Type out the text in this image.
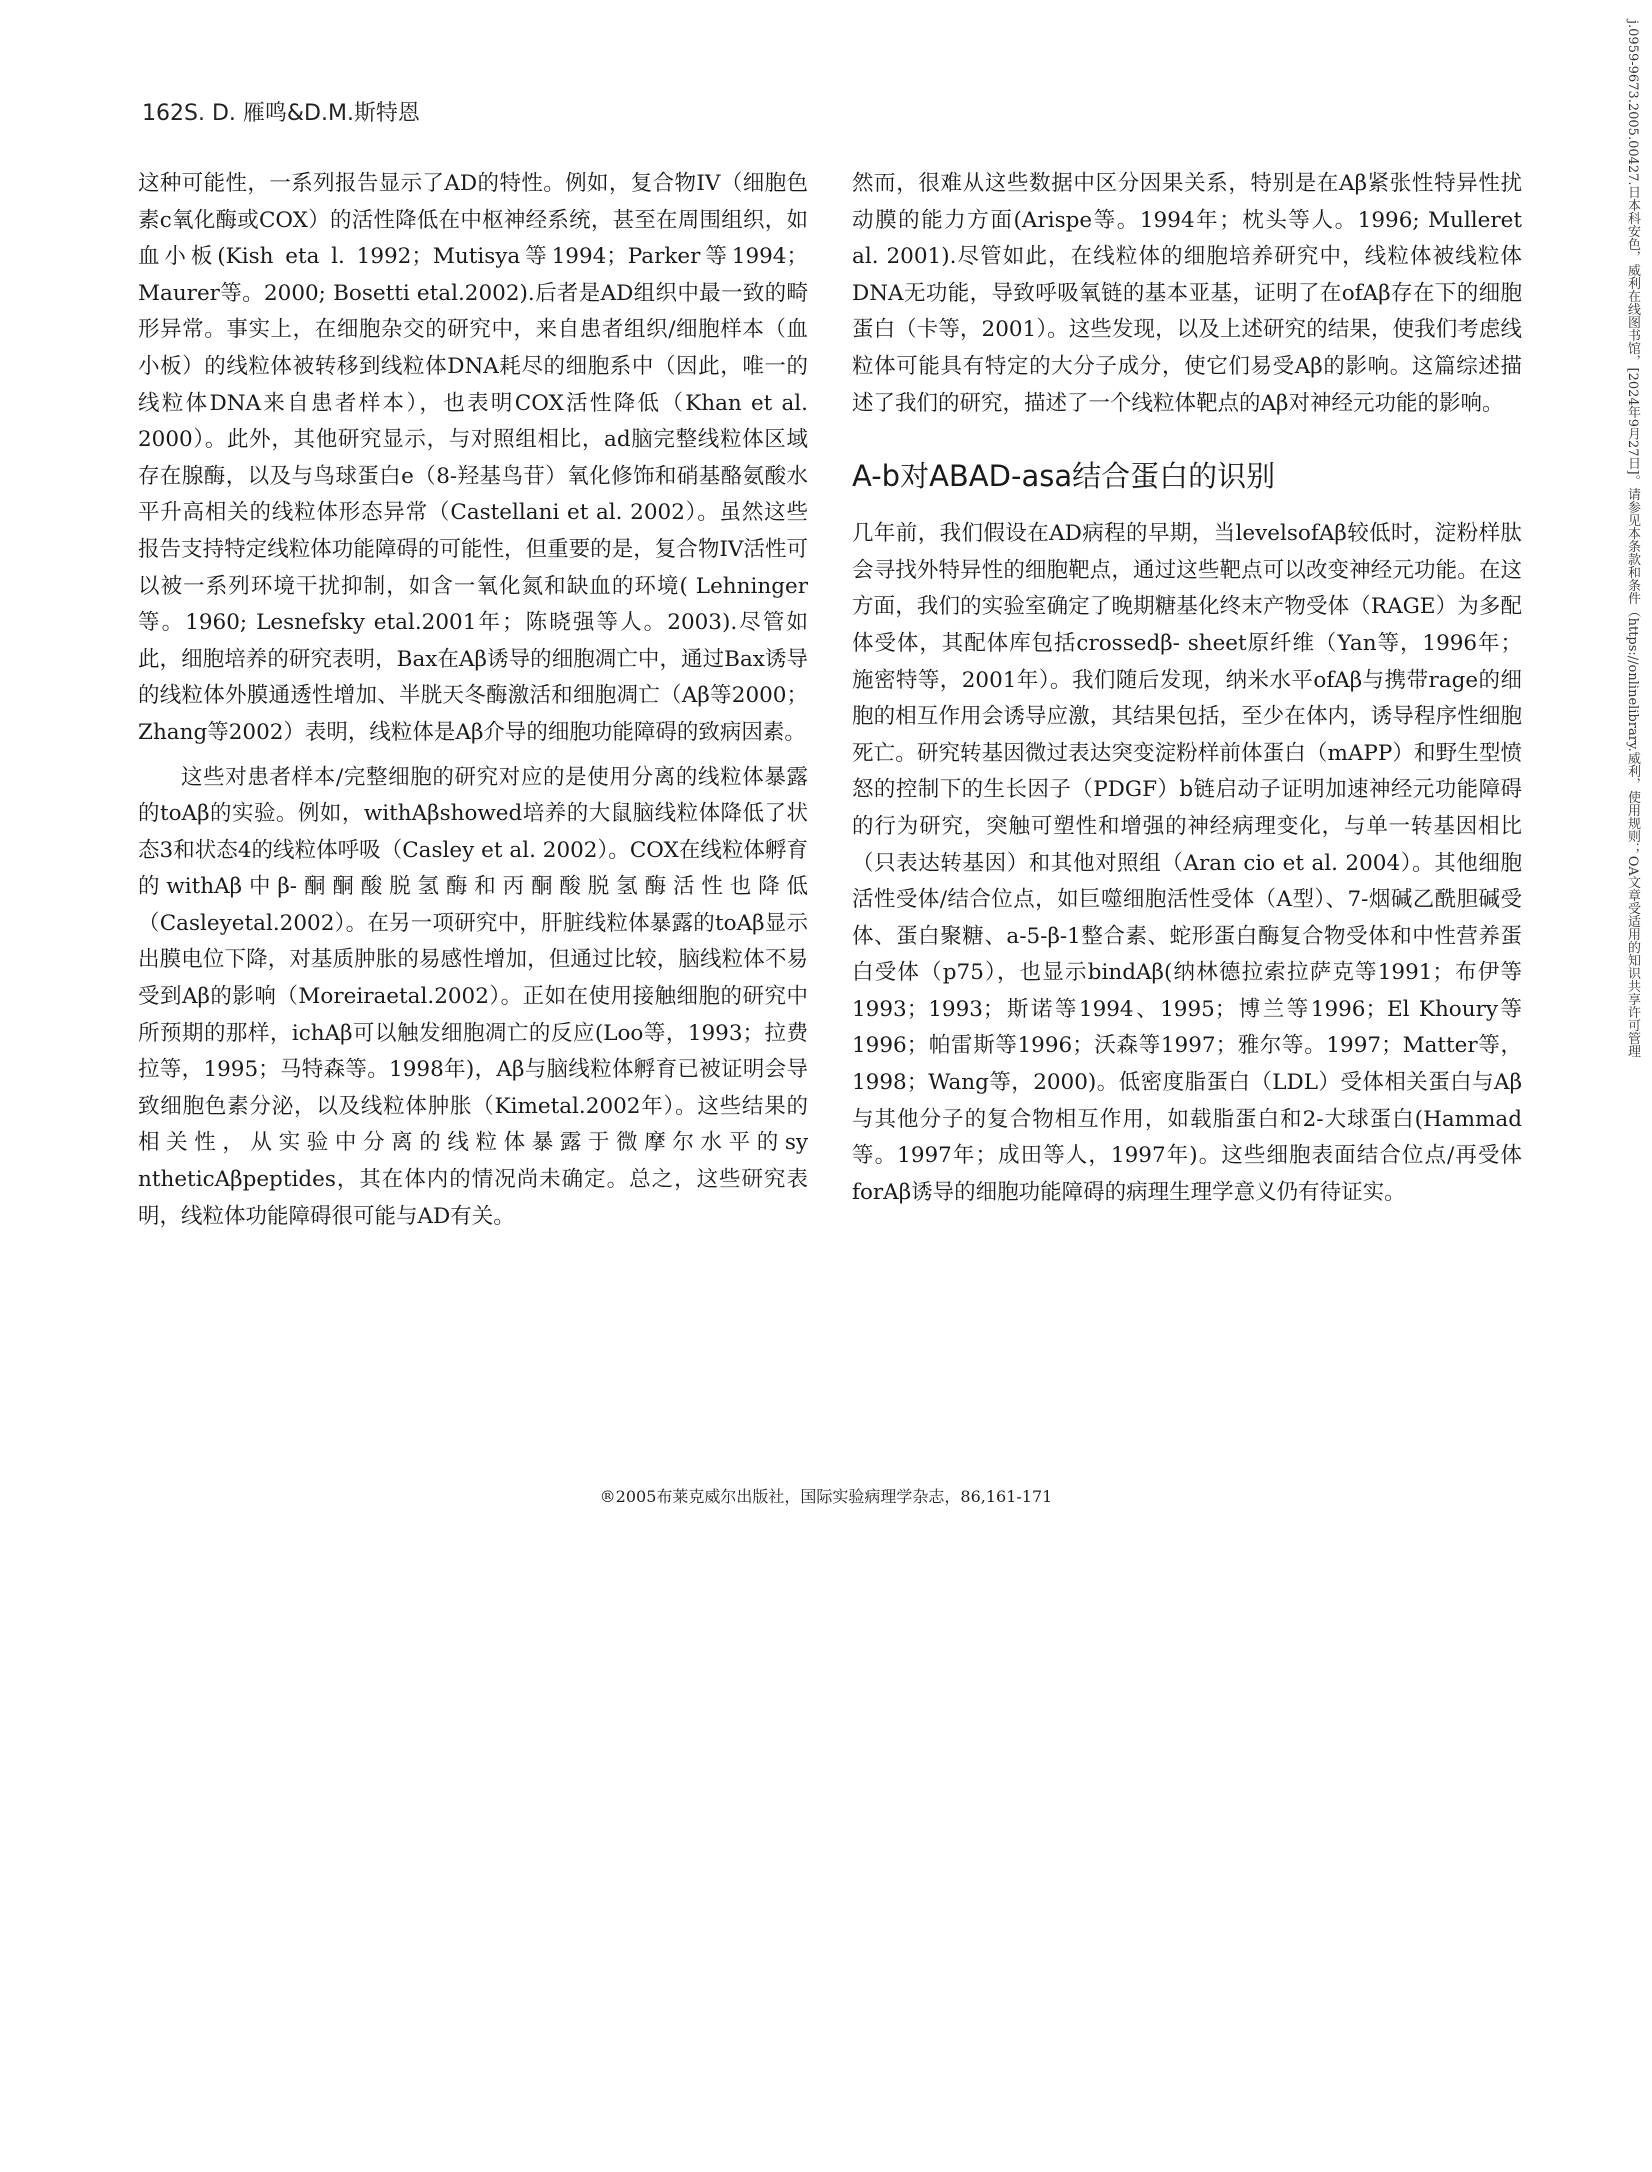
162S. D. 雁鸣&D.M.斯特恩

这种可能性，一系列报告显示了AD的特性。例如，复合物IV（细胞色素c氧化酶或COX）的活性降低在中枢神经系统，甚至在周围组织，如血小板(Kish eta l. 1992；Mutisya等1994；Parker等1994；Maurer等。2000; Bosetti etal.2002).后者是AD组织中最一致的畸形异常。事实上，在细胞杂交的研究中，来自患者组织/细胞样本（血小板）的线粒体被转移到线粒体DNA耗尽的细胞系中（因此，唯一的线粒体DNA来自患者样本），也表明COX活性降低（Khan et al. 2000）。此外，其他研究显示，与对照组相比，ad脑完整线粒体区域存在腺酶，以及与鸟球蛋白e（8-羟基鸟苷）氧化修饰和硝基酪氨酸水平升高相关的线粒体形态异常（Castellani et al. 2002）。虽然这些报告支持特定线粒体功能障碍的可能性，但重要的是，复合物IV活性可以被一系列环境干扰抑制，如含一氧化氮和缺血的环境( Lehninger等。1960; Lesnefsky etal.2001年；陈晓强等人。2003).尽管如此，细胞培养的研究表明，Bax在Aβ诱导的细胞凋亡中，通过Bax诱导的线粒体外膜通透性增加、半胱天冬酶激活和细胞凋亡（Aβ等2000；Zhang等2002）表明，线粒体是Aβ介导的细胞功能障碍的致病因素。

这些对患者样本/完整细胞的研究对应的是使用分离的线粒体暴露的toAβ的实验。例如，withAβshowed培养的大鼠脑线粒体降低了状态3和状态4的线粒体呼吸（Casley et al. 2002）。COX在线粒体孵育的withAβ中β-酮酮酸脱氢酶和丙酮酸脱氢酶活性也降低（Casleyetal.2002）。在另一项研究中，肝脏线粒体暴露的toAβ显示出膜电位下降，对基质肿胀的易感性增加，但通过比较，脑线粒体不易受到Aβ的影响（Moreiraetal.2002）。正如在使用接触细胞的研究中所预期的那样，ichAβ可以触发细胞凋亡的反应(Loo等，1993；拉费拉等，1995；马特森等。1998年)，Aβ与脑线粒体孵育已被证明会导致细胞色素分泌，以及线粒体肿胀（Kimetal.2002年）。这些结果的相关性，从实验中分离的线粒体暴露于微摩尔水平的sy ntheticAβpeptides，其在体内的情况尚未确定。总之，这些研究表明，线粒体功能障碍很可能与AD有关。

然而，很难从这些数据中区分因果关系，特别是在Aβ紧张性特异性扰动膜的能力方面(Arispe等。1994年；枕头等人。1996; Mulleret al. 2001).尽管如此，在线粒体的细胞培养研究中，线粒体被线粒体DNA无功能，导致呼吸氧链的基本亚基，证明了在ofAβ存在下的细胞蛋白（卡等，2001）。这些发现，以及上述研究的结果，使我们考虑线粒体可能具有特定的大分子成分，使它们易受Aβ的影响。这篇综述描述了我们的研究，描述了一个线粒体靶点的Aβ对神经元功能的影响。

A-b对ABAD-asa结合蛋白的识别

几年前，我们假设在AD病程的早期，当levelsofAβ较低时，淀粉样肽会寻找外特异性的细胞靶点，通过这些靶点可以改变神经元功能。在这方面，我们的实验室确定了晚期糖基化终末产物受体（RAGE）为多配体受体，其配体库包括crossedβ- sheet原纤维（Yan等，1996年；施密特等，2001年）。我们随后发现，纳米水平ofAβ与携带rage的细胞的相互作用会诱导应激，其结果包括，至少在体内，诱导程序性细胞死亡。研究转基因微过表达突变淀粉样前体蛋白（mAPP）和野生型愤怒的控制下的生长因子（PDGF）b链启动子证明加速神经元功能障碍的行为研究，突触可塑性和增强的神经病理变化，与单一转基因相比（只表达转基因）和其他对照组（Aran cio et al. 2004）。其他细胞活性受体/结合位点，如巨噬细胞活性受体（A型）、7-烟碱乙酰胆碱受体、蛋白聚糖、a-5-β-1整合素、蛇形蛋白酶复合物受体和中性营养蛋白受体（p75），也显示bindAβ(纳林德拉索拉萨克等1991；布伊等1993；1993；斯诺等1994、1995；博兰等1996；El Khoury等1996；帕雷斯等1996；沃森等1997；雅尔等。1997；Matter等，1998；Wang等，2000)。低密度脂蛋白（LDL）受体相关蛋白与Aβ与其他分子的复合物相互作用，如载脂蛋白和2-大球蛋白(Hammad等。1997年；成田等人，1997年)。这些细胞表面结合位点/再受体forAβ诱导的细胞功能障碍的病理生理学意义仍有待证实。

®2005布莱克威尔出版社，国际实验病理学杂志，86,161-171
j.0959-9673.2005.00427.日本科安色，威利在线图书馆，[2024年9月27日]。请参见本条款和条件（https://onlinelibrary.威利，使用规则；OA文章受适用的知识共享许可管理
